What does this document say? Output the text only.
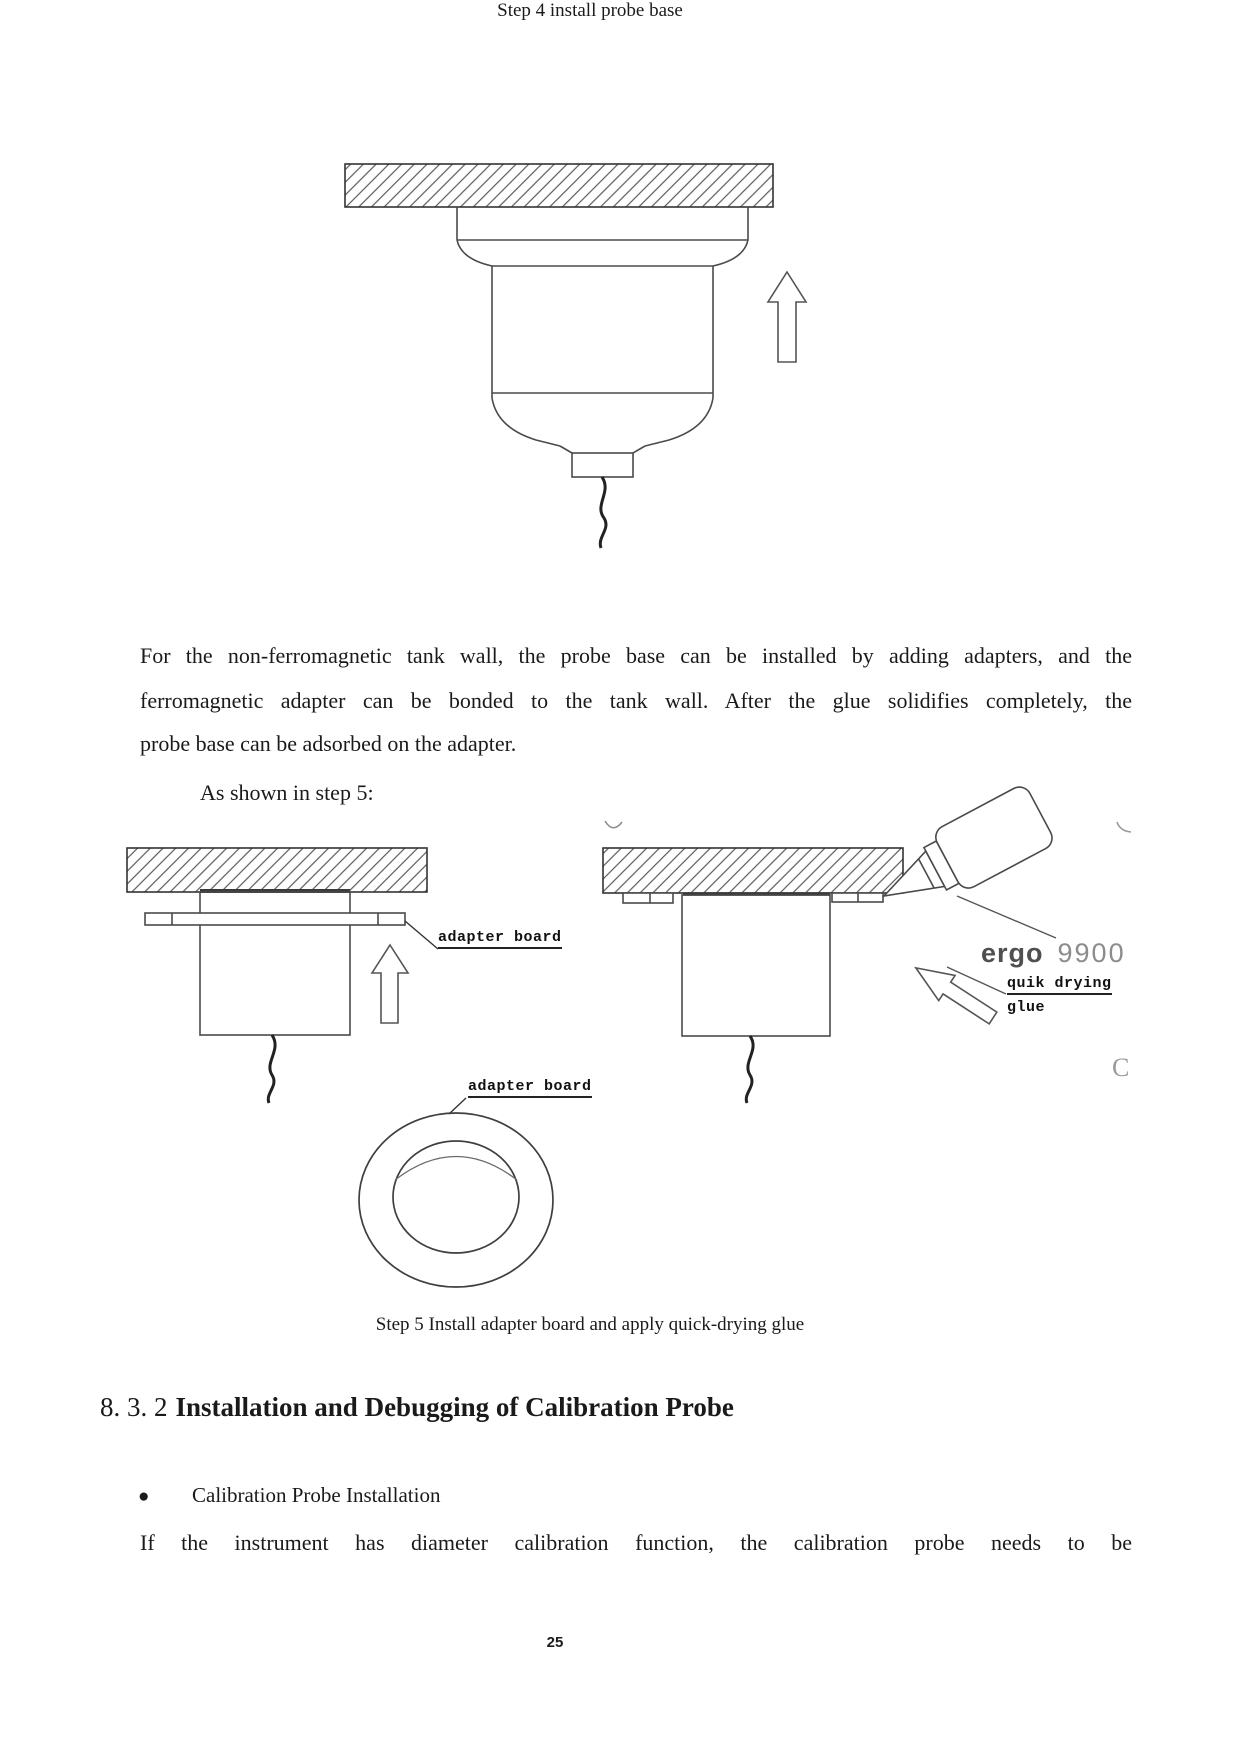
Step 4 install probe base
For the non-ferromagnetic tank wall, the probe base can be installed by adding adapters, and the
ferromagnetic adapter can be bonded to the tank wall. After the glue solidifies completely, the
probe base can be adsorbed on the adapter.
As shown in step 5:
adapter board
adapter board
ergo 9900
quik drying
glue
C
Step 5 Install adapter board and apply quick-drying glue
8. 3. 2 Installation and Debugging of Calibration Probe
● Calibration Probe Installation
If the instrument has diameter calibration function, the calibration probe needs to be
25
